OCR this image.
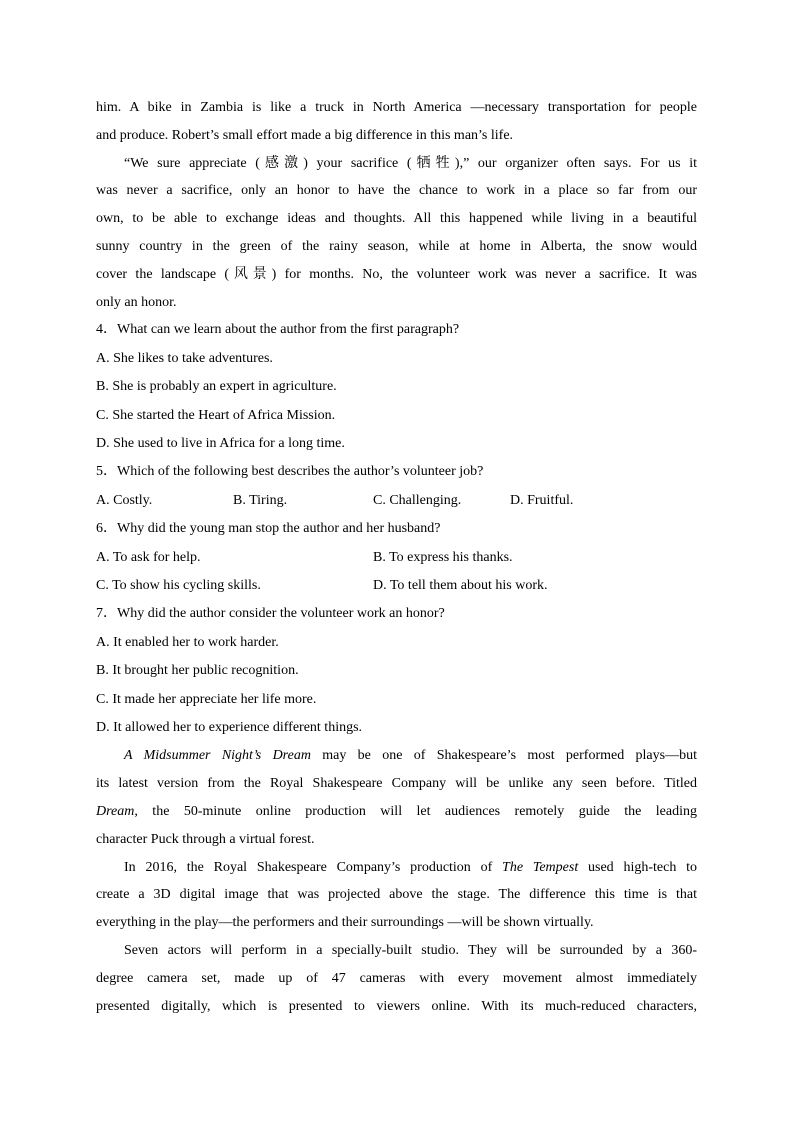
him. A bike in Zambia is like a truck in North America —necessary transportation for people
and produce. Robert’s small effort made a big difference in this man’s life.
“We sure appreciate (感激) your sacrifice (牺牲),” our organizer often says. For us it
was never a sacrifice, only an honor to have the chance to work in a place so far from our
own, to be able to exchange ideas and thoughts. All this happened while living in a beautiful
sunny country in the green of the rainy season, while at home in Alberta, the snow would
cover the landscape (风景) for months. No, the volunteer work was never a sacrifice. It was
only an honor.

4．What can we learn about the author from the first paragraph?

A. She likes to take adventures.

B. She is probably an expert in agriculture.

C. She started the Heart of Africa Mission.

D. She used to live in Africa for a long time.

5．Which of the following best describes the author’s volunteer job?

A. Costly.	B. Tiring.	C. Challenging.	D. Fruitful.

6．Why did the young man stop the author and her husband?

A. To ask for help.	B. To express his thanks.
C. To show his cycling skills.	D. To tell them about his work.

7．Why did the author consider the volunteer work an honor?

A. It enabled her to work harder.

B. It brought her public recognition.

C. It made her appreciate her life more.

D. It allowed her to experience different things.

A Midsummer Night’s Dream may be one of Shakespeare’s most performed plays—but
its latest version from the Royal Shakespeare Company will be unlike any seen before. Titled
Dream, the 50-minute online production will let audiences remotely guide the leading
character Puck through a virtual forest.
In 2016, the Royal Shakespeare Company’s production of The Tempest used high-tech to
create a 3D digital image that was projected above the stage. The difference this time is that
everything in the play—the performers and their surroundings —will be shown virtually.
Seven actors will perform in a specially-built studio. They will be surrounded by a 360-
degree camera set, made up of 47 cameras with every movement almost immediately
presented digitally, which is presented to viewers online. With its much-reduced characters,
